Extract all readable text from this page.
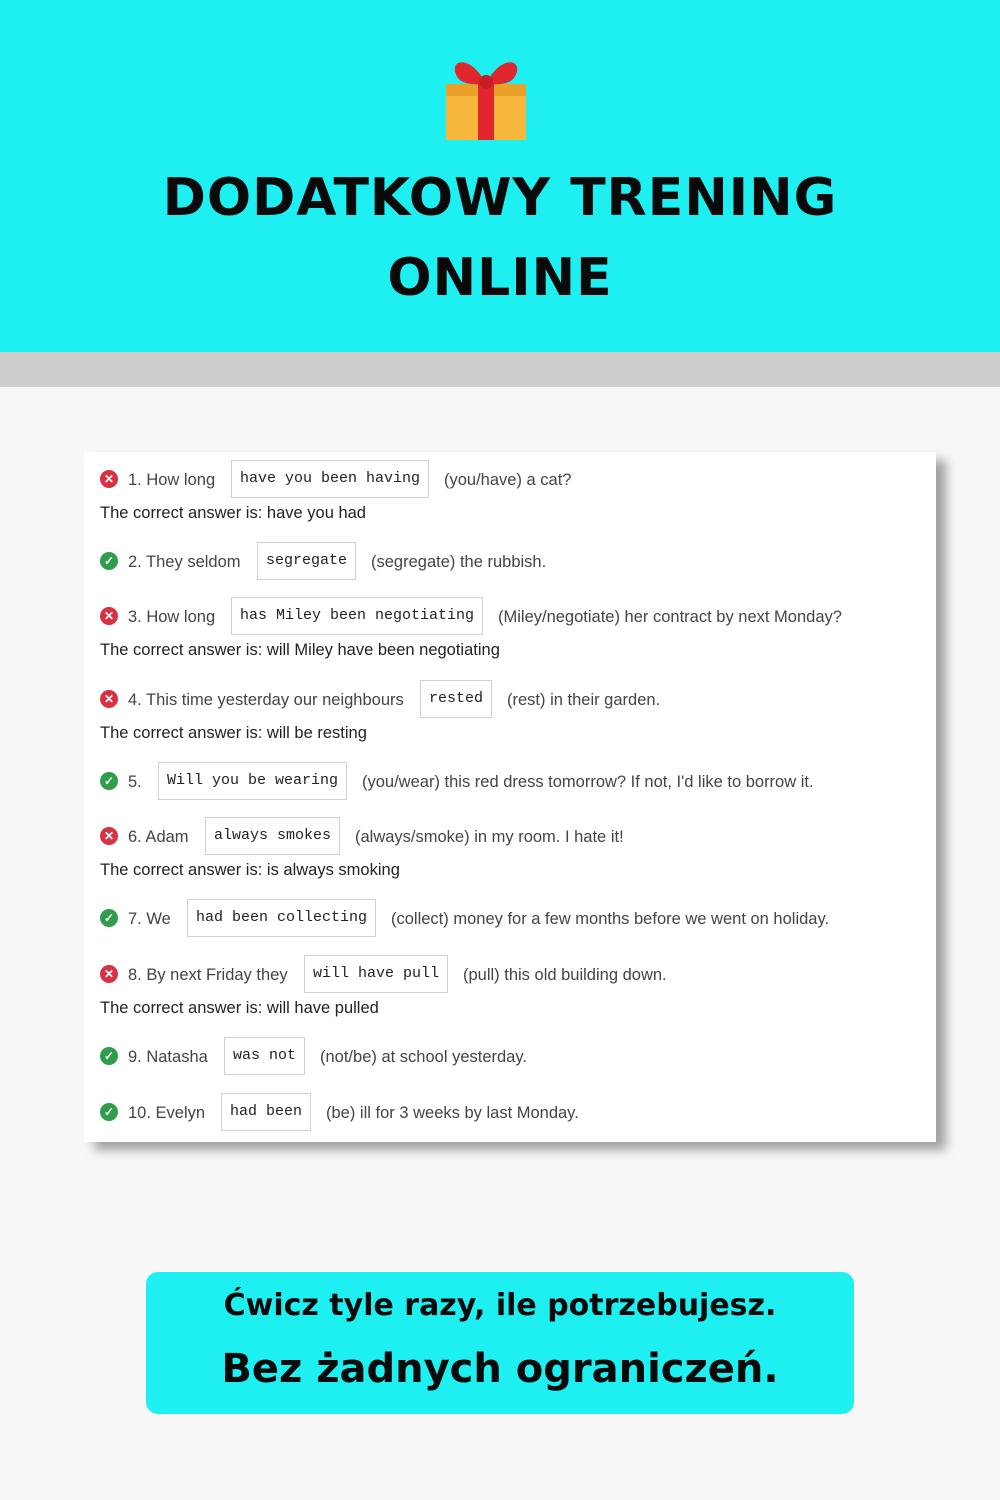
DODATKOWY TRENING
ONLINE
✕ 1. How long	have you been having	(you/have) a cat?
The correct answer is: have you had
✓ 2. They seldom	segregate	(segregate) the rubbish.
✕ 3. How long	has Miley been negotiating	(Miley/negotiate) her contract by next Monday?
The correct answer is: will Miley have been negotiating
✕ 4. This time yesterday our neighbours	rested	(rest) in their garden.
The correct answer is: will be resting
✓ 5.	Will you be wearing	(you/wear) this red dress tomorrow? If not, I'd like to borrow it.
✕ 6. Adam	always smokes	(always/smoke) in my room. I hate it!
The correct answer is: is always smoking
✓ 7. We	had been collecting	(collect) money for a few months before we went on holiday.
✕ 8. By next Friday they	will have pull	(pull) this old building down.
The correct answer is: will have pulled
✓ 9. Natasha	was not	(not/be) at school yesterday.
✓ 10. Evelyn	had been	(be) ill for 3 weeks by last Monday.
Ćwicz tyle razy, ile potrzebujesz.
Bez żadnych ograniczeń.
